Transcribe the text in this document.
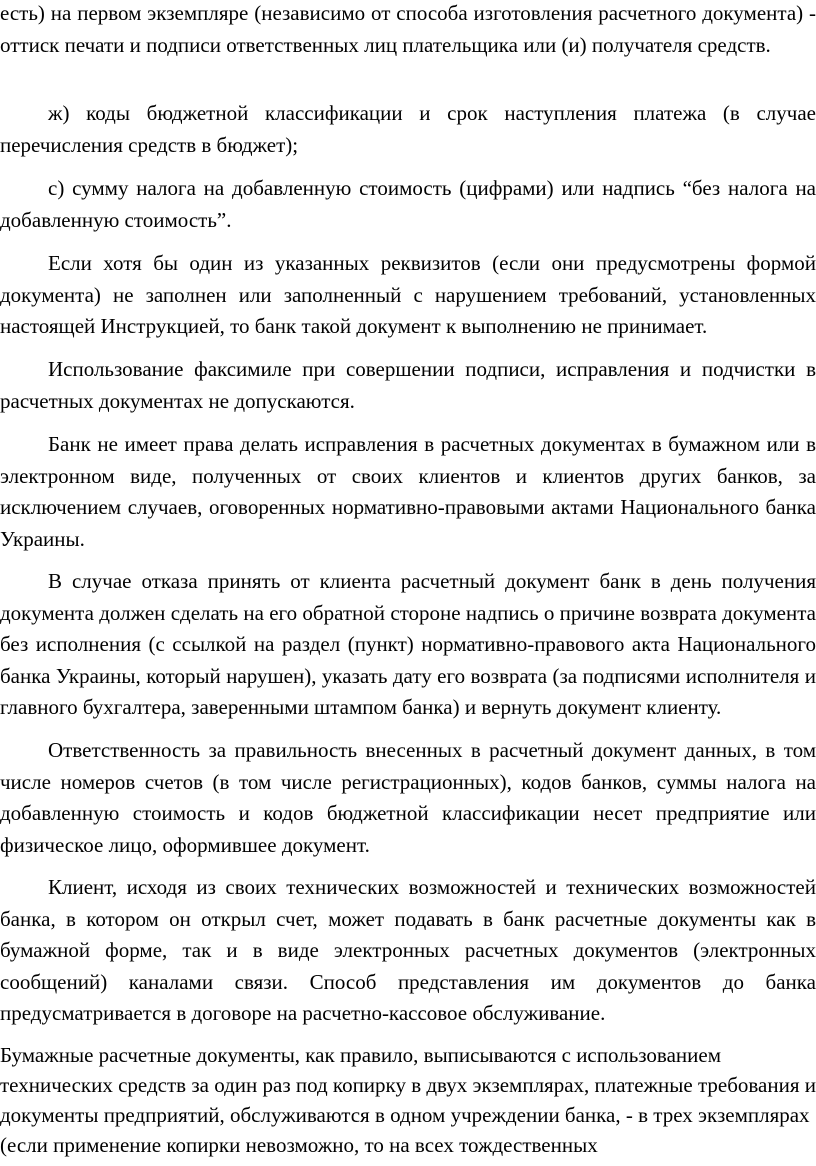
есть) на первом экземпляре (независимо от способа изготовления расчетного документа) - оттиск печати и подписи ответственных лиц плательщика или (и) получателя средств.

ж) коды бюджетной классификации и срок наступления платежа (в случае перечисления средств в бюджет);

с) сумму налога на добавленную стоимость (цифрами) или надпись “без налога на добавленную стоимость”.

Если хотя бы один из указанных реквизитов (если они предусмотрены формой документа) не заполнен или заполненный с нарушением требований, установленных настоящей Инструкцией, то банк такой документ к выполнению не принимает.

Использование факсимиле при совершении подписи, исправления и подчистки в расчетных документах не допускаются.

Банк не имеет права делать исправления в расчетных документах в бумажном или в электронном виде, полученных от своих клиентов и клиентов других банков, за исключением случаев, оговоренных нормативно-правовыми актами Национального банка Украины.

В случае отказа принять от клиента расчетный документ банк в день получения документа должен сделать на его обратной стороне надпись о причине возврата документа без исполнения (с ссылкой на раздел (пункт) нормативно-правового акта Национального банка Украины, который нарушен), указать дату его возврата (за подписями исполнителя и главного бухгалтера, заверенными штампом банка) и вернуть документ клиенту.

Ответственность за правильность внесенных в расчетный документ данных, в том числе номеров счетов (в том числе регистрационных), кодов банков, суммы налога на добавленную стоимость и кодов бюджетной классификации несет предприятие или физическое лицо, оформившее документ.

Клиент, исходя из своих технических возможностей и технических возможностей банка, в котором он открыл счет, может подавать в банк расчетные документы как в бумажной форме, так и в виде электронных расчетных документов (электронных сообщений) каналами связи. Способ представления им документов до банка предусматривается в договоре на расчетно-кассовое обслуживание.

Бумажные расчетные документы, как правило, выписываются с использованием технических средств за один раз под копирку в двух экземплярах, платежные требования и документы предприятий, обслуживаются в одном учреждении банка, - в трех экземплярах (если применение копирки невозможно, то на всех тождественных
